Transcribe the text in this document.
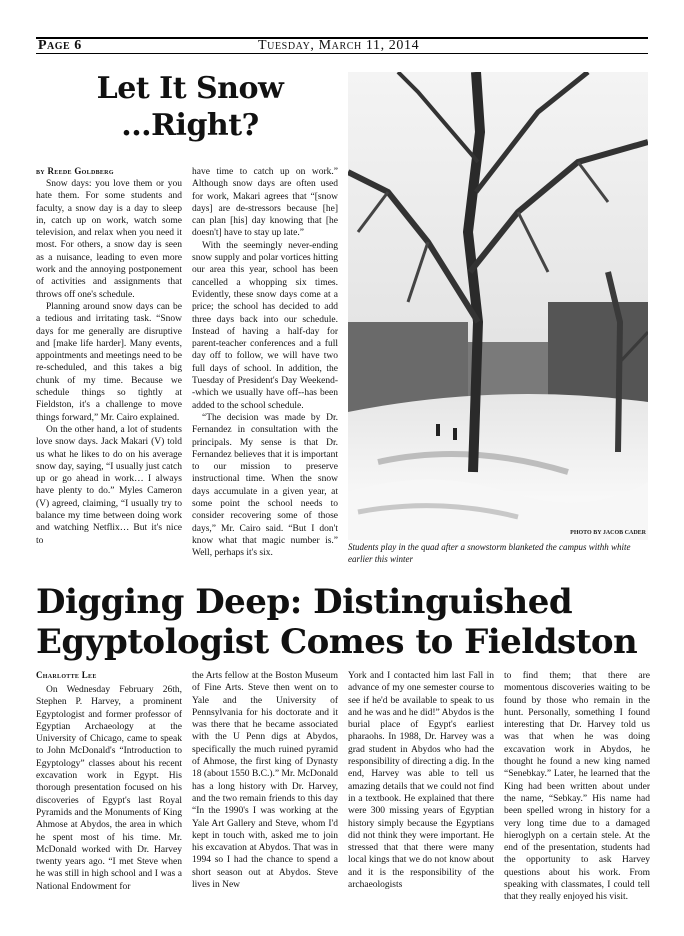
Page 6	Tuesday, March 11, 2014
Let It Snow ...Right?
by Reede Goldberg

Snow days: you love them or you hate them. For some students and faculty, a snow day is a day to sleep in, catch up on work, watch some television, and relax when you need it most. For others, a snow day is seen as a nuisance, leading to even more work and the annoying postponement of activities and assignments that throws off one's schedule.

Planning around snow days can be a tedious and irritating task. “Snow days for me generally are disruptive and [make life harder]. Many events, appointments and meetings need to be re-scheduled, and this takes a big chunk of my time. Because we schedule things so tightly at Fieldston, it's a challenge to move things forward,” Mr. Cairo explained.

On the other hand, a lot of students love snow days. Jack Makari (V) told us what he likes to do on his average snow day, saying, “I usually just catch up or go ahead in work… I always have plenty to do.” Myles Cameron (V) agreed, claiming, “I usually try to balance my time between doing work and watching Netflix… But it's nice to

have time to catch up on work.” Although snow days are often used for work, Makari agrees that “[snow days] are de-stressors because [he] can plan [his] day knowing that [he doesn't] have to stay up late.”

With the seemingly never-ending snow supply and polar vortices hitting our area this year, school has been cancelled a whopping six times. Evidently, these snow days come at a price; the school has decided to add three days back into our schedule. Instead of having a half-day for parent-teacher conferences and a full day off to follow, we will have two full days of school. In addition, the Tuesday of President's Day Weekend--which we usually have off--has been added to the school schedule.

“The decision was made by Dr. Fernandez in consultation with the principals. My sense is that Dr. Fernandez believes that it is important to our mission to preserve instructional time. When the snow days accumulate in a given year, at some point the school needs to consider recovering some of those days,” Mr. Cairo said. “But I don't know what that magic number is.” Well, perhaps it's six.

PHOTO BY JACOB CADER
Students play in the quad after a snowstorm blanketed the campus withh white earlier this winter
Digging Deep: Distinguished Egyptologist Comes to Fieldston
Charlotte Lee

On Wednesday February 26th, Stephen P. Harvey, a prominent Egyptologist and former professor of Egyptian Archaeology at the University of Chicago, came to speak to John McDonald's “Introduction to Egyptology” classes about his recent excavation work in Egypt. His thorough presentation focused on his discoveries of Egypt's last Royal Pyramids and the Monuments of King Ahmose at Abydos, the area in which he spent most of his time. Mr. McDonald worked with Dr. Harvey twenty years ago. “I met Steve when he was still in high school and I was a National Endowment for

the Arts fellow at the Boston Museum of Fine Arts. Steve then went on to Yale and the University of Pennsylvania for his doctorate and it was there that he became associated with the U Penn digs at Abydos, specifically the much ruined pyramid of Ahmose, the first king of Dynasty 18 (about 1550 B.C.).” Mr. McDonald has a long history with Dr. Harvey, and the two remain friends to this day “In the 1990's I was working at the Yale Art Gallery and Steve, whom I'd kept in touch with, asked me to join his excavation at Abydos. That was in 1994 so I had the chance to spend a short season out at Abydos. Steve lives in New

York and I contacted him last Fall in advance of my one semester course to see if he'd be available to speak to us and he was and he did!” Abydos is the burial place of Egypt's earliest pharaohs. In 1988, Dr. Harvey was a grad student in Abydos who had the responsibility of directing a dig. In the end, Harvey was able to tell us amazing details that we could not find in a textbook. He explained that there were 300 missing years of Egyptian history simply because the Egyptians did not think they were important. He stressed that that there were many local kings that we do not know about and it is the responsibility of the archaeologists

to find them; that there are momentous discoveries waiting to be found by those who remain in the hunt. Personally, something I found interesting that Dr. Harvey told us was that when he was doing excavation work in Abydos, he thought he found a new king named “Senebkay.” Later, he learned that the King had been written about under the name, “Sebkay.” His name had been spelled wrong in history for a very long time due to a damaged hieroglyph on a certain stele. At the end of the presentation, students had the opportunity to ask Harvey questions about his work. From speaking with classmates, I could tell that they really enjoyed his visit.
